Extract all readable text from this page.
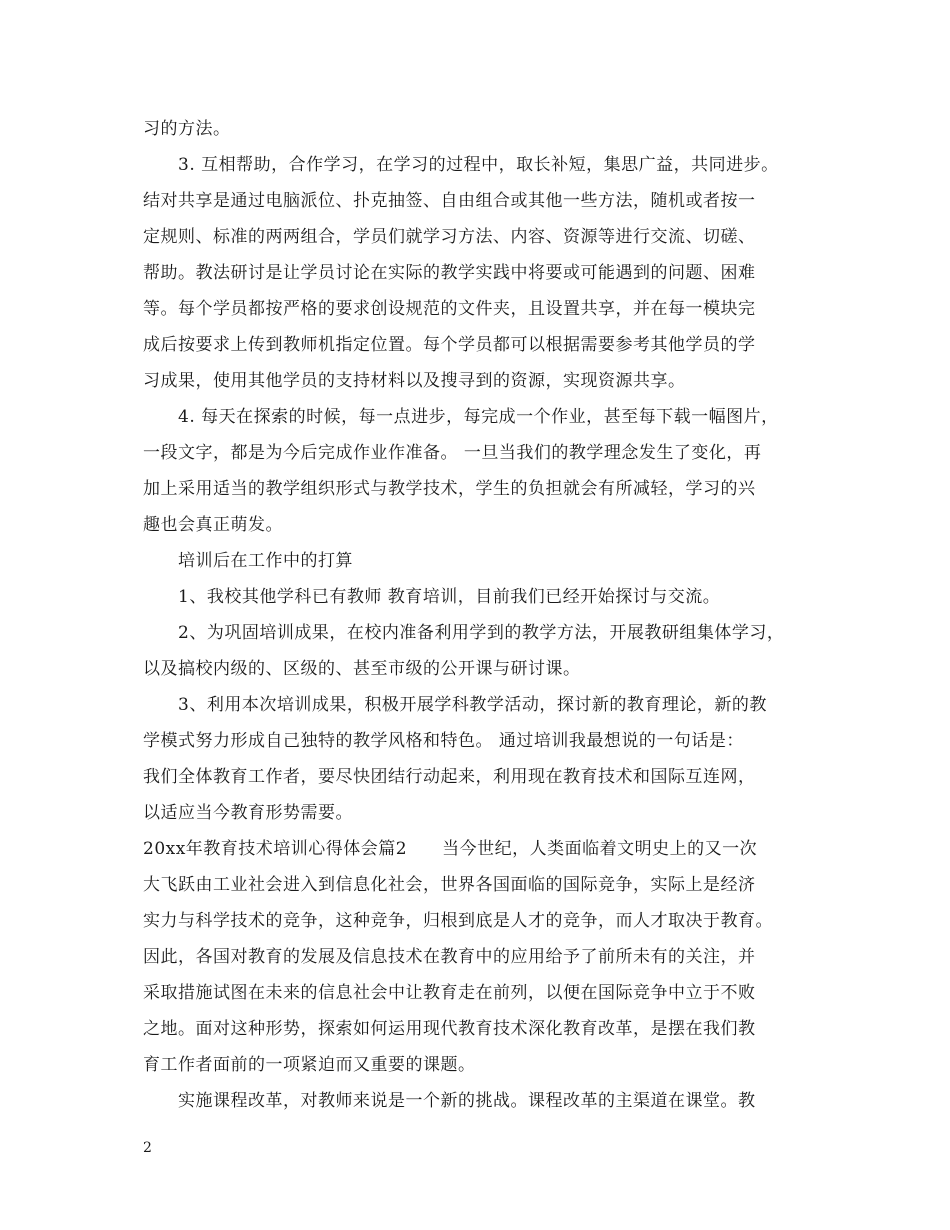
习的方法。
3. 互相帮助，合作学习，在学习的过程中，取长补短，集思广益，共同进步。
结对共享是通过电脑派位、扑克抽签、自由组合或其他一些方法，随机或者按一
定规则、标准的两两组合，学员们就学习方法、内容、资源等进行交流、切磋、
帮助。教法研讨是让学员讨论在实际的教学实践中将要或可能遇到的问题、困难
等。每个学员都按严格的要求创设规范的文件夹，且设置共享，并在每一模块完
成后按要求上传到教师机指定位置。每个学员都可以根据需要参考其他学员的学
习成果，使用其他学员的支持材料以及搜寻到的资源，实现资源共享。
4. 每天在探索的时候，每一点进步，每完成一个作业，甚至每下载一幅图片，
一段文字，都是为今后完成作业作准备。 一旦当我们的教学理念发生了变化，再
加上采用适当的教学组织形式与教学技术，学生的负担就会有所减轻，学习的兴
趣也会真正萌发。
培训后在工作中的打算
1、我校其他学科已有教师 教育培训，目前我们已经开始探讨与交流。
2、为巩固培训成果，在校内准备利用学到的教学方法，开展教研组集体学习，
以及搞校内级的、区级的、甚至市级的公开课与研讨课。
3、利用本次培训成果，积极开展学科教学活动，探讨新的教育理论，新的教
学模式努力形成自己独特的教学风格和特色。 通过培训我最想说的一句话是：
我们全体教育工作者，要尽快团结行动起来，利用现在教育技术和国际互连网，
以适应当今教育形势需要。
20xx年教育技术培训心得体会篇2　　当今世纪，人类面临着文明史上的又一次
大飞跃由工业社会进入到信息化社会，世界各国面临的国际竞争，实际上是经济
实力与科学技术的竞争，这种竞争，归根到底是人才的竞争，而人才取决于教育。
因此，各国对教育的发展及信息技术在教育中的应用给予了前所未有的关注，并
采取措施试图在未来的信息社会中让教育走在前列，以便在国际竞争中立于不败
之地。面对这种形势，探索如何运用现代教育技术深化教育改革，是摆在我们教
育工作者面前的一项紧迫而又重要的课题。
实施课程改革，对教师来说是一个新的挑战。课程改革的主渠道在课堂。教
2
